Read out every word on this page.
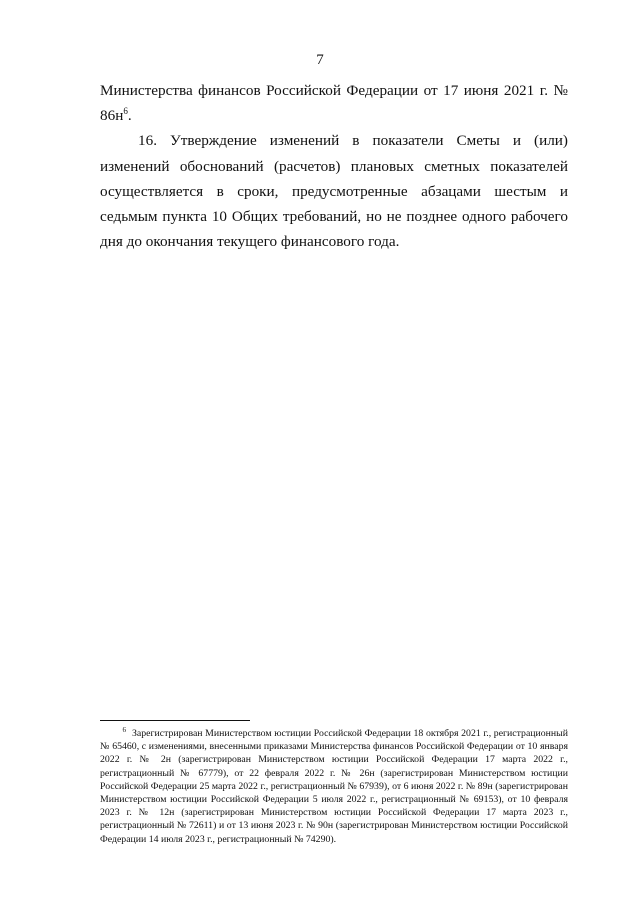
7

Министерства финансов Российской Федерации от 17 июня 2021 г. № $86н^6$.

16. Утверждение изменений в показатели Сметы и (или) изменений обоснований (расчетов) плановых сметных показателей осуществляется в сроки, предусмотренные абзацами шестым и седьмым пункта 10 Общих требований, но не позднее одного рабочего дня до окончания текущего финансового года.

6 Зарегистрирован Министерством юстиции Российской Федерации 18 октября 2021 г., регистрационный № 65460, с изменениями, внесенными приказами Министерства финансов Российской Федерации от 10 января 2022 г. № 2н (зарегистрирован Министерством юстиции Российской Федерации 17 марта 2022 г., регистрационный № 67779), от 22 февраля 2022 г. № 26н (зарегистрирован Министерством юстиции Российской Федерации 25 марта 2022 г., регистрационный № 67939), от 6 июня 2022 г. № 89н (зарегистрирован Министерством юстиции Российской Федерации 5 июля 2022 г., регистрационный № 69153), от 10 февраля 2023 г. № 12н (зарегистрирован Министерством юстиции Российской Федерации 17 марта 2023 г., регистрационный № 72611) и от 13 июня 2023 г. № 90н (зарегистрирован Министерством юстиции Российской Федерации 14 июля 2023 г., регистрационный № 74290).
